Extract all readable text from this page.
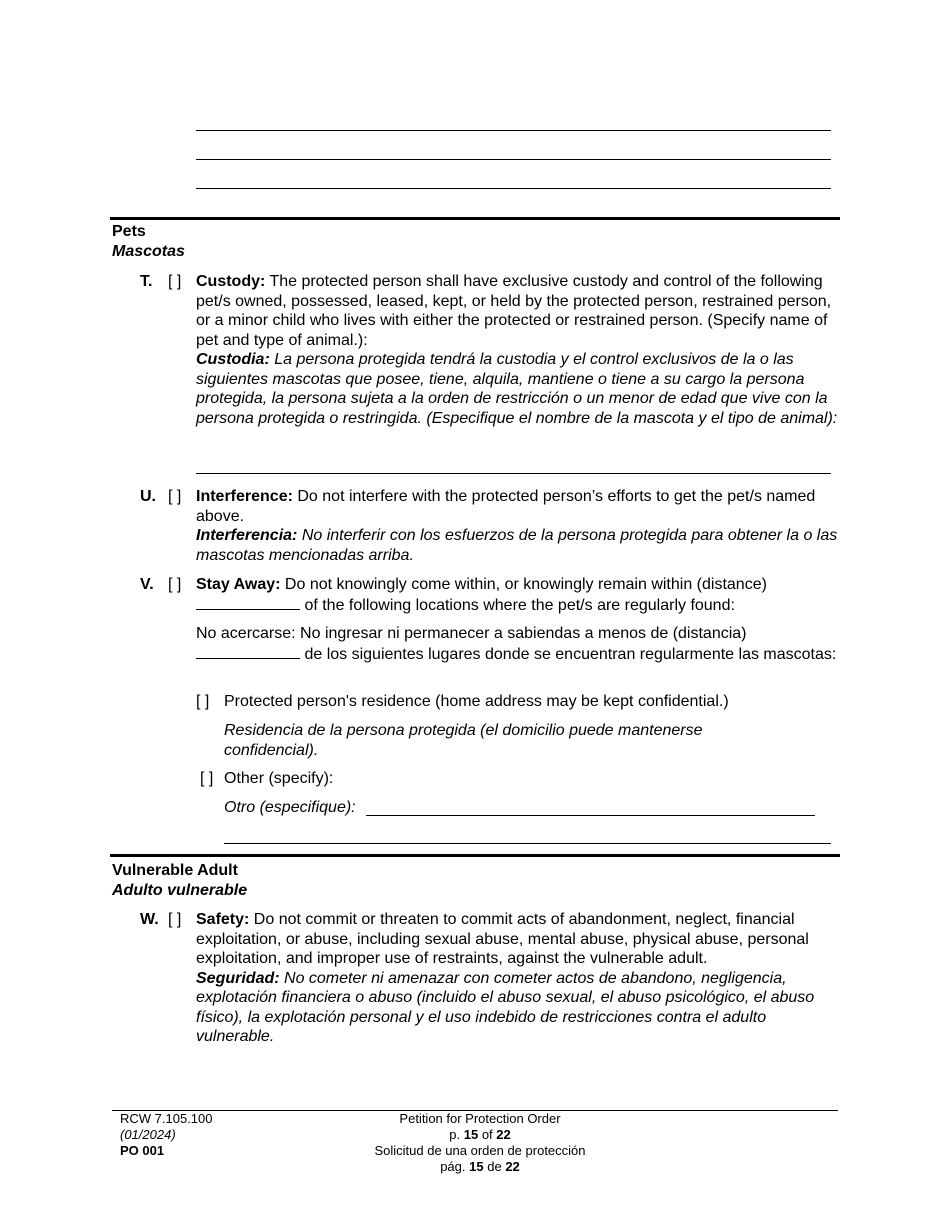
Pets
Mascotas
T. [ ] Custody: The protected person shall have exclusive custody and control of the following pet/s owned, possessed, leased, kept, or held by the protected person, restrained person, or a minor child who lives with either the protected or restrained person. (Specify name of pet and type of animal.):
Custodia: La persona protegida tendrá la custodia y el control exclusivos de la o las siguientes mascotas que posee, tiene, alquila, mantiene o tiene a su cargo la persona protegida, la persona sujeta a la orden de restricción o un menor de edad que vive con la persona protegida o restringida. (Especifique el nombre de la mascota y el tipo de animal):
U. [ ] Interference: Do not interfere with the protected person’s efforts to get the pet/s named above.
Interferencia: No interferir con los esfuerzos de la persona protegida para obtener la o las mascotas mencionadas arriba.
V. [ ] Stay Away: Do not knowingly come within, or knowingly remain within (distance)
of the following locations where the pet/s are regularly found:
No acercarse: No ingresar ni permanecer a sabiendas a menos de (distancia)
de los siguientes lugares donde se encuentran regularmente las mascotas:
[ ] Protected person's residence (home address may be kept confidential.)
Residencia de la persona protegida (el domicilio puede mantenerse confidencial).
[ ] Other (specify):
Otro (especifique):
Vulnerable Adult
Adulto vulnerable
W. [ ] Safety: Do not commit or threaten to commit acts of abandonment, neglect, financial exploitation, or abuse, including sexual abuse, mental abuse, physical abuse, personal exploitation, and improper use of restraints, against the vulnerable adult.
Seguridad: No cometer ni amenazar con cometer actos de abandono, negligencia, explotación financiera o abuso (incluido el abuso sexual, el abuso psicológico, el abuso físico), la explotación personal y el uso indebido de restricciones contra el adulto vulnerable.
RCW 7.105.100
(01/2024)
PO 001
Petition for Protection Order
p. 15 of 22
Solicitud de una orden de protección
pág. 15 de 22
